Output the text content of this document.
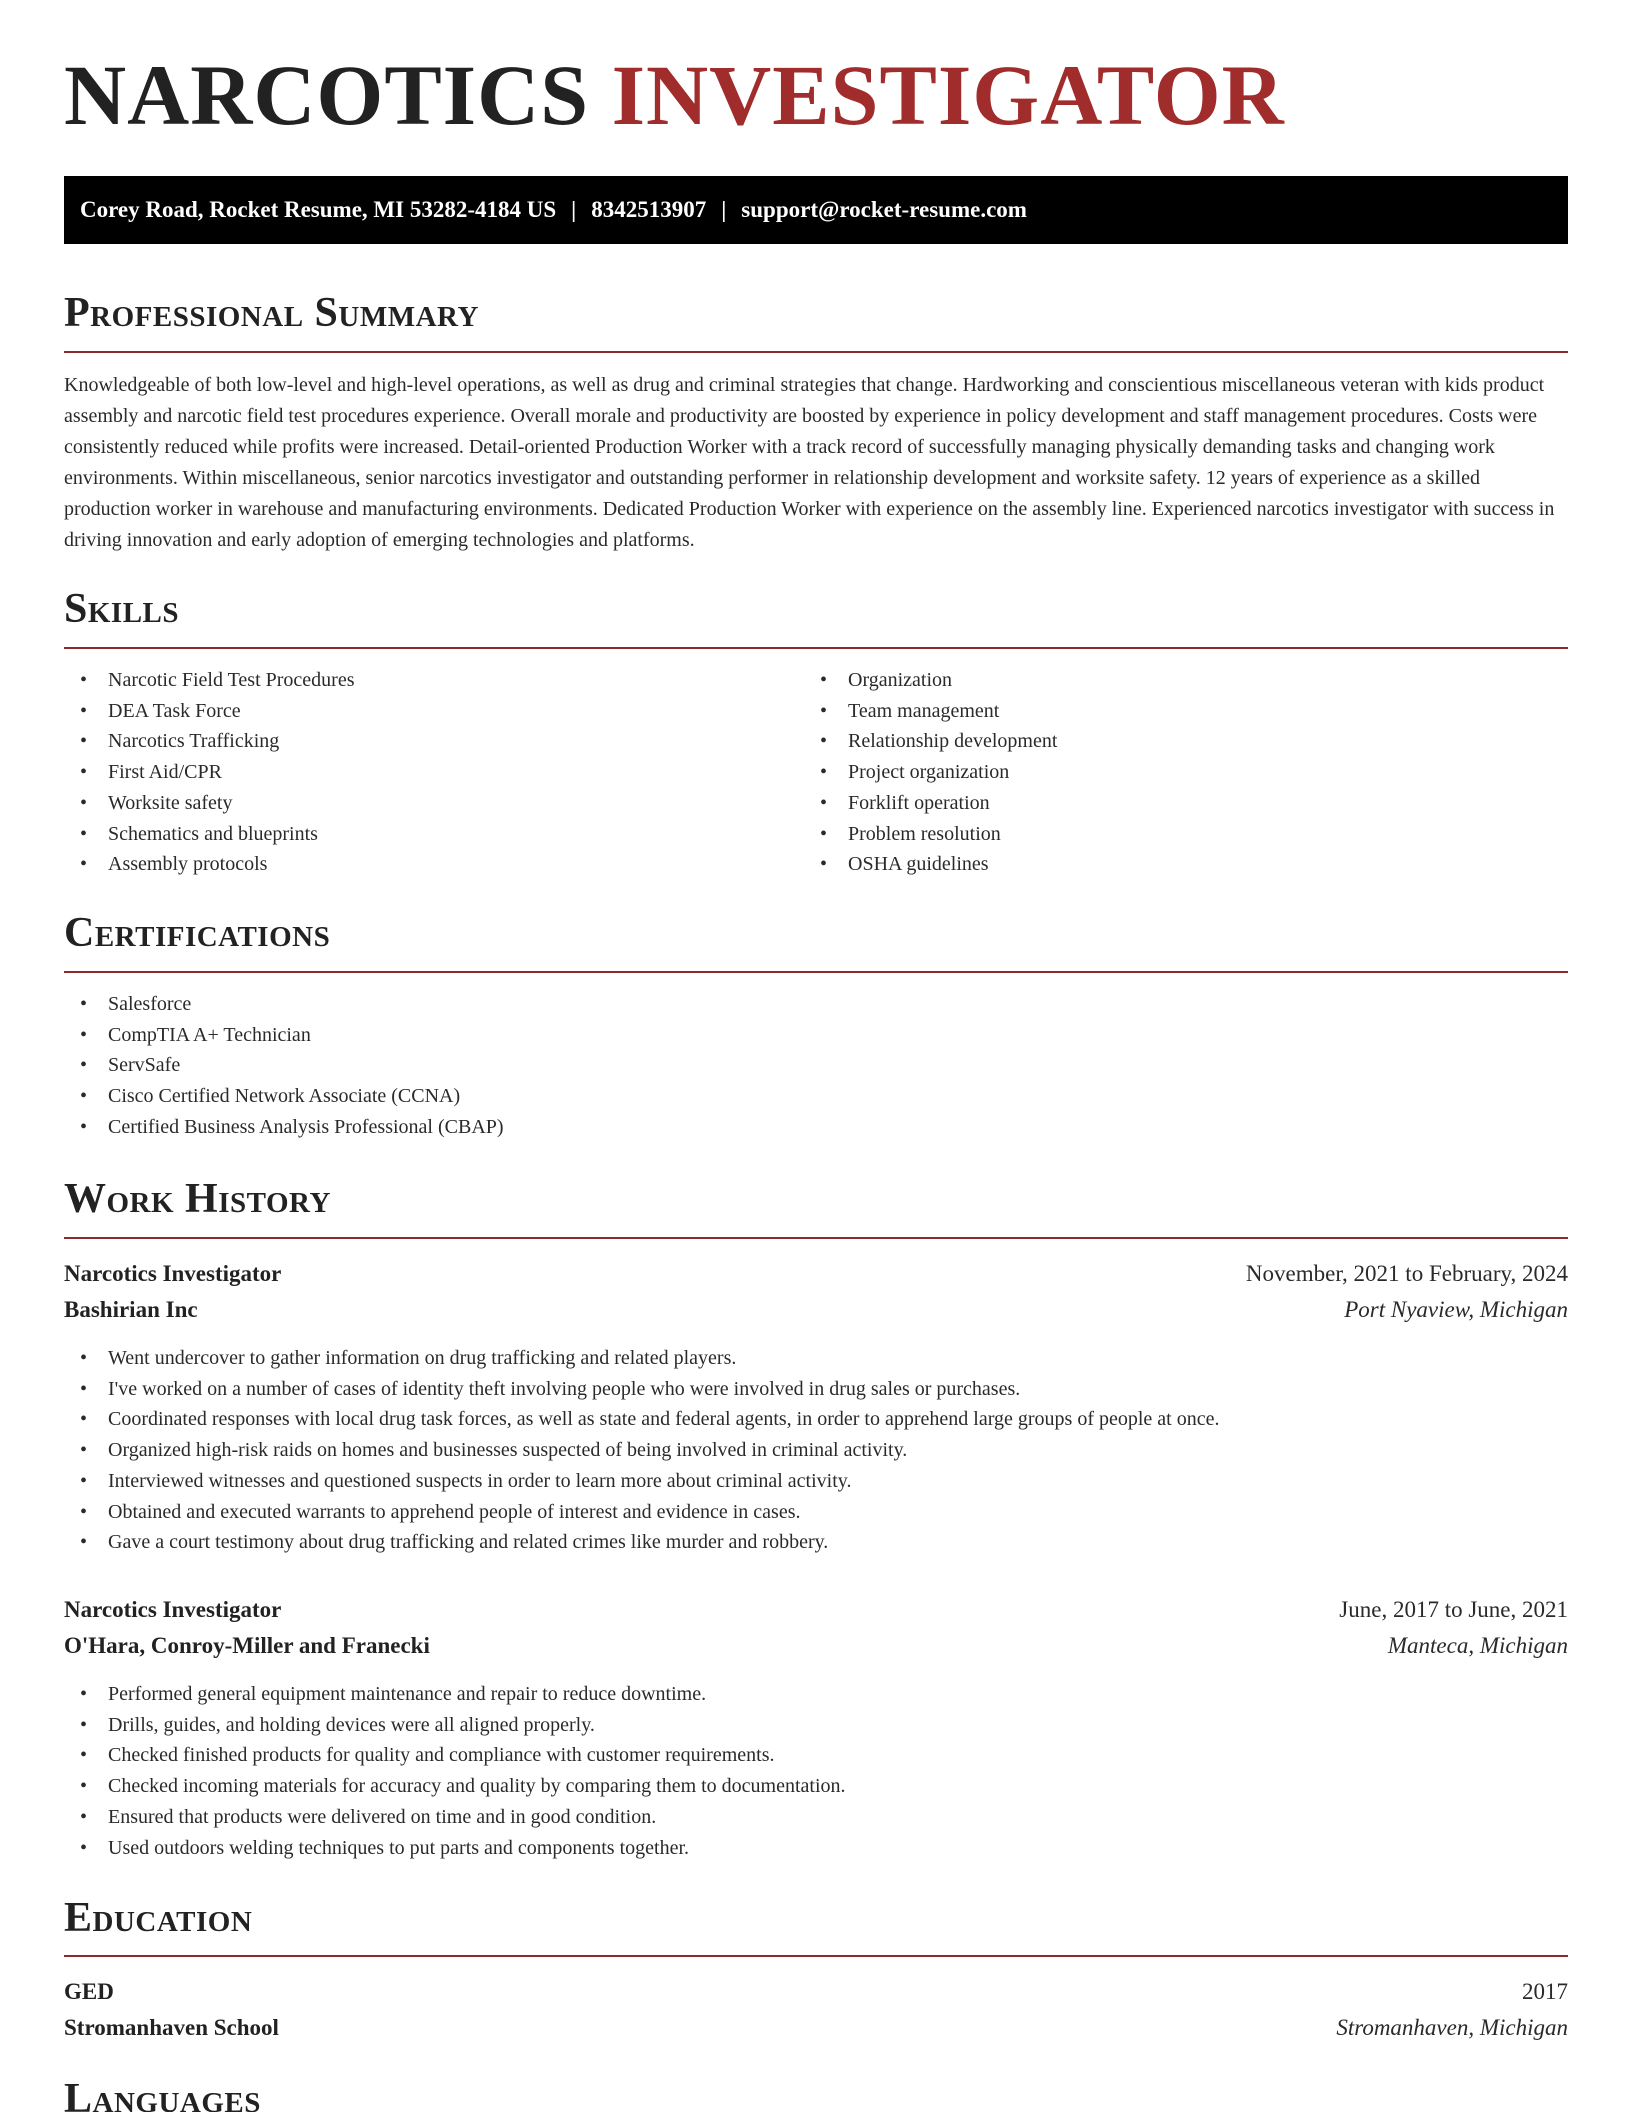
NARCOTICS INVESTIGATOR
Corey Road, Rocket Resume, MI 53282-4184 US | 8342513907 | support@rocket-resume.com
Professional Summary

Knowledgeable of both low-level and high-level operations, as well as drug and criminal strategies that change. Hardworking and conscientious miscellaneous veteran with kids product assembly and narcotic field test procedures experience. Overall morale and productivity are boosted by experience in policy development and staff management procedures. Costs were consistently reduced while profits were increased. Detail-oriented Production Worker with a track record of successfully managing physically demanding tasks and changing work environments. Within miscellaneous, senior narcotics investigator and outstanding performer in relationship development and worksite safety. 12 years of experience as a skilled production worker in warehouse and manufacturing environments. Dedicated Production Worker with experience on the assembly line. Experienced narcotics investigator with success in driving innovation and early adoption of emerging technologies and platforms.

Skills
• Narcotic Field Test Procedures
• DEA Task Force
• Narcotics Trafficking
• First Aid/CPR
• Worksite safety
• Schematics and blueprints
• Assembly protocols
• Organization
• Team management
• Relationship development
• Project organization
• Forklift operation
• Problem resolution
• OSHA guidelines
Certifications
• Salesforce
• CompTIA A+ Technician
• ServSafe
• Cisco Certified Network Associate (CCNA)
• Certified Business Analysis Professional (CBAP)
Work History
Narcotics Investigator	November, 2021 to February, 2024
Bashirian Inc	Port Nyaview, Michigan
• Went undercover to gather information on drug trafficking and related players.
• I've worked on a number of cases of identity theft involving people who were involved in drug sales or purchases.
• Coordinated responses with local drug task forces, as well as state and federal agents, in order to apprehend large groups of people at once.
• Organized high-risk raids on homes and businesses suspected of being involved in criminal activity.
• Interviewed witnesses and questioned suspects in order to learn more about criminal activity.
• Obtained and executed warrants to apprehend people of interest and evidence in cases.
• Gave a court testimony about drug trafficking and related crimes like murder and robbery.
Narcotics Investigator	June, 2017 to June, 2021
O'Hara, Conroy-Miller and Franecki	Manteca, Michigan
• Performed general equipment maintenance and repair to reduce downtime.
• Drills, guides, and holding devices were all aligned properly.
• Checked finished products for quality and compliance with customer requirements.
• Checked incoming materials for accuracy and quality by comparing them to documentation.
• Ensured that products were delivered on time and in good condition.
• Used outdoors welding techniques to put parts and components together.
Education
GED	2017
Stromanhaven School	Stromanhaven, Michigan
Languages
